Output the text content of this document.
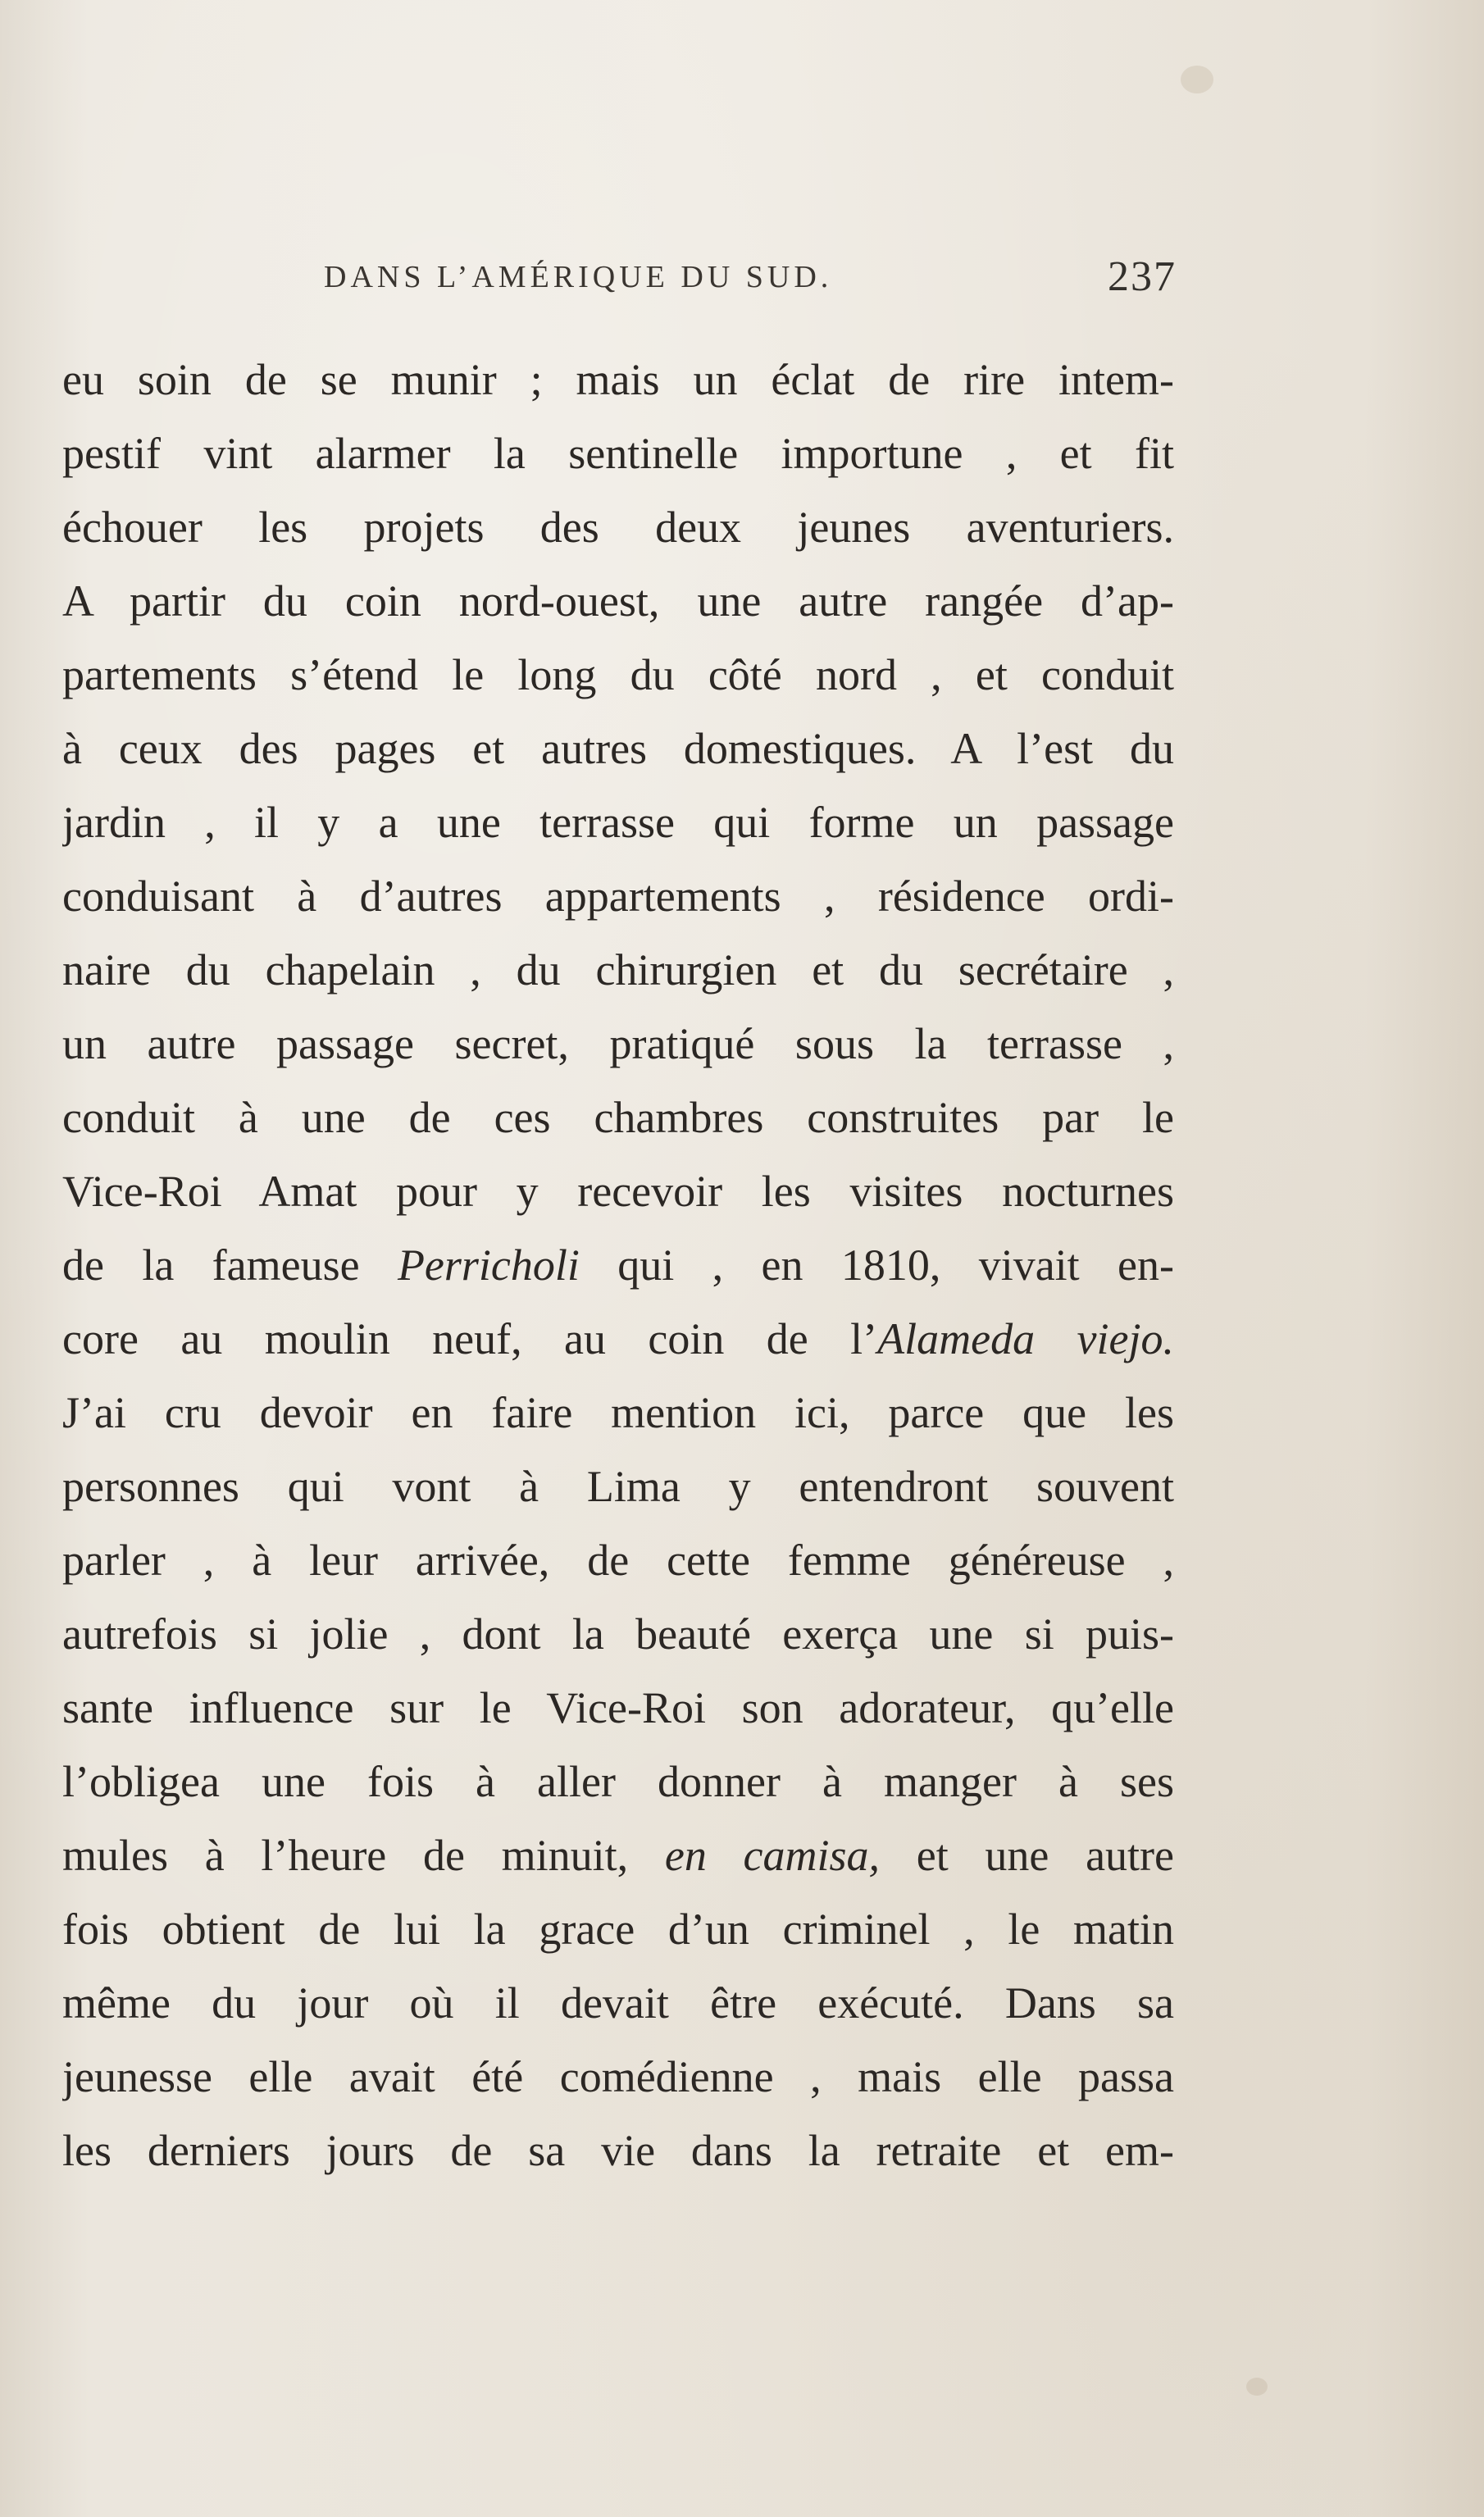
DANS L’AMÉRIQUE DU SUD.	237
eu soin de se munir ; mais un éclat de rire intem-
pestif vint alarmer la sentinelle importune , et fit
échouer les projets des deux jeunes aventuriers.
A partir du coin nord-ouest, une autre rangée d’ap-
partements s’étend le long du côté nord , et conduit
à ceux des pages et autres domestiques. A l’est du
jardin , il y a une terrasse qui forme un passage
conduisant à d’autres appartements , résidence ordi-
naire du chapelain , du chirurgien et du secrétaire ,
un autre passage secret, pratiqué sous la terrasse ,
conduit à une de ces chambres construites par le
Vice-Roi Amat pour y recevoir les visites nocturnes
de la fameuse Perricholi qui , en 1810, vivait en-
core au moulin neuf, au coin de l’Alameda viejo.
J’ai cru devoir en faire mention ici, parce que les
personnes qui vont à Lima y entendront souvent
parler , à leur arrivée, de cette femme généreuse ,
autrefois si jolie , dont la beauté exerça une si puis-
sante influence sur le Vice-Roi son adorateur, qu’elle
l’obligea une fois à aller donner à manger à ses
mules à l’heure de minuit, en camisa, et une autre
fois obtient de lui la grace d’un criminel , le matin
même du jour où il devait être exécuté. Dans sa
jeunesse elle avait été comédienne , mais elle passa
les derniers jours de sa vie dans la retraite et em-
